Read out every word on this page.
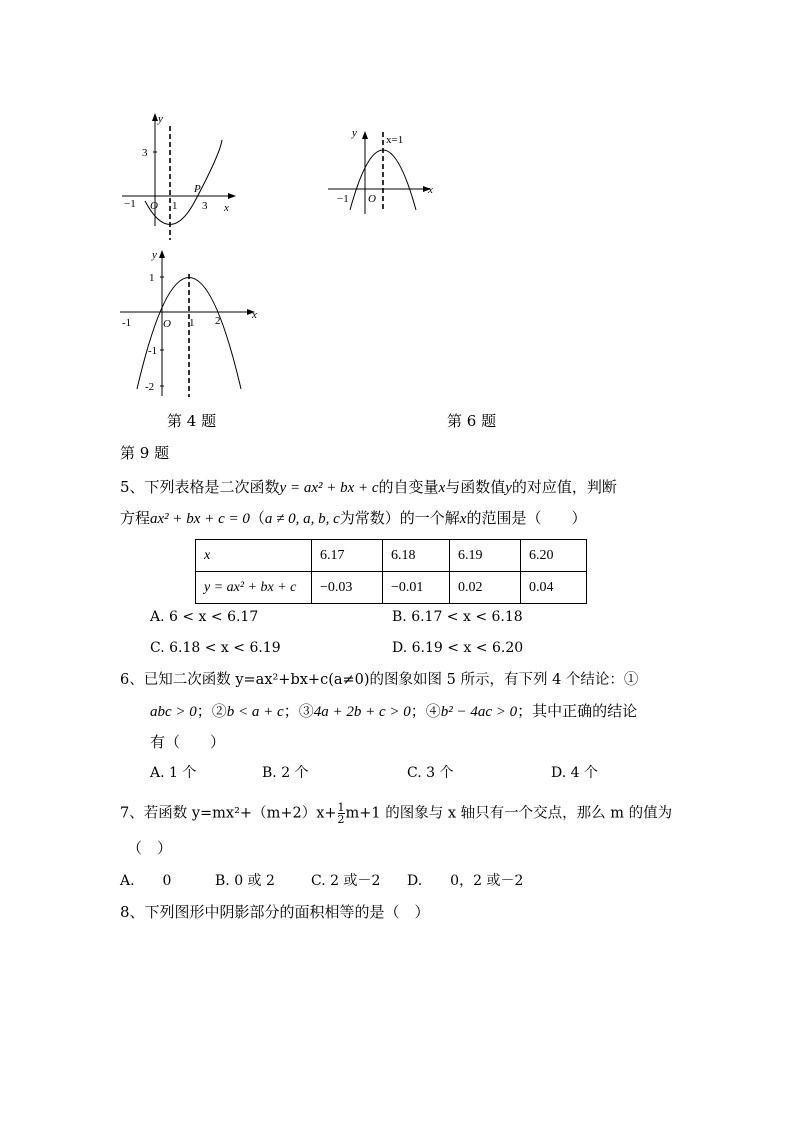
y
3
−1 O 1
P
3 x
y
x=1
−1 O
x
y
1
-1	O 1 2	x
-1
-2
第 4 题	第 6 题
第 9 题
5、下列表格是二次函数y = ax² + bx + c的自变量x与函数值y的对应值，判断
方程ax² + bx + c = 0（a ≠ 0, a, b, c为常数）的一个解x的范围是（　　）
x	6.17	6.18	6.19	6.20
y = ax² + bx + c	−0.03	−0.01	0.02	0.04
A. 6 < x < 6.17	B. 6.17 < x < 6.18
C. 6.18 < x < 6.19	D. 6.19 < x < 6.20
6、已知二次函数 y=ax²+bx+c(a≠0)的图象如图 5 所示，有下列 4 个结论：①
abc > 0；②b < a + c；③4a + 2b + c > 0；④b² − 4ac > 0；其中正确的结论
有（　　）
A. 1 个	B. 2 个	C. 3 个	D. 4 个
7、若函数 $y=mx^2+(m+2)x+ \frac{1}{2} m+1$ 的图象与 x 轴只有一个交点，那么 m 的值为
（　）
A.　　0	B. 0 或 2	C. 2 或－2 D.　　0，2 或－2
8、下列图形中阴影部分的面积相等的是（　）
